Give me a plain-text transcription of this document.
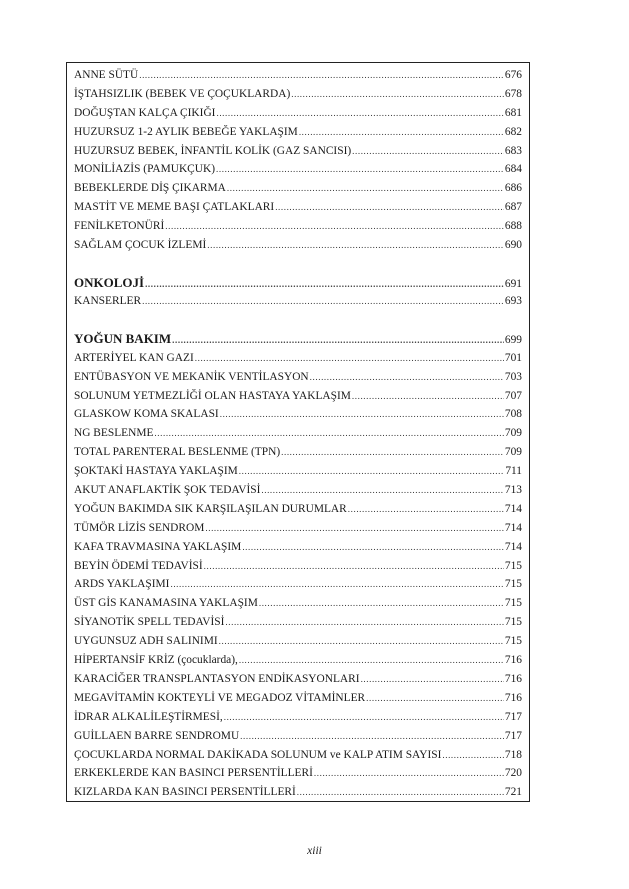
ANNE SÜTÜ .....	676
İŞTAHSIZLIK (BEBEK VE ÇOÇUKLARDA) .....	678
DOĞUŞTAN KALÇA ÇIKIĞI .....	681
HUZURSUZ 1-2 AYLIK BEBEĞE YAKLAŞIM .....	682
HUZURSUZ BEBEK, İNFANTİL KOLİK (GAZ SANCISI) .....	683
MONİLİAZİS (PAMUKÇUK) .....	684
BEBEKLERDE DİŞ ÇIKARMA .....	686
MASTİT VE MEME BAŞI ÇATLAKLARI .....	687
FENİLKETONÜRİ .....	688
SAĞLAM ÇOCUK İZLEMİ .....	690
ONKOLOJİ .....	691
KANSERLER .....	693
YOĞUN BAKIM .....	699
ARTERİYEL KAN GAZI .....	701
ENTÜBASYON VE MEKANİK VENTİLASYON .....	703
SOLUNUM YETMEZLİĞİ OLAN HASTAYA YAKLAŞIM .....	707
GLASKOW KOMA SKALASI .....	708
NG BESLENME .....	709
TOTAL PARENTERAL BESLENME (TPN) .....	709
ŞOKTAKİ HASTAYA YAKLAŞIM .....	711
AKUT ANAFLAKTİK ŞOK TEDAVİSİ .....	713
YOĞUN BAKIMDA SIK KARŞILAŞILAN DURUMLAR .....	714
TÜMÖR LİZİS SENDROM .....	714
KAFA TRAVMASINA YAKLAŞIM .....	714
BEYİN ÖDEMİ TEDAVİSİ .....	715
ARDS YAKLAŞIMI .....	715
ÜST GİS KANAMASINA YAKLAŞIM .....	715
SİYANOTİK SPELL TEDAVİSİ .....	715
UYGUNSUZ ADH SALINIMI .....	715
HİPERTANSİF KRİZ (çocuklarda), .....	716
KARACİĞER TRANSPLANTASYON ENDİKASYONLARI .....	716
MEGAVİTAMİN KOKTEYLİ VE MEGADOZ VİTAMİNLER .....	716
İDRAR ALKALİLEŞTİRMESİ, .....	717
GUİLLAEN BARRE SENDROMU .....	717
ÇOCUKLARDA NORMAL DAKİKADA SOLUNUM ve KALP ATIM SAYISI .....	718
ERKEKLERDE KAN BASINCI PERSENTİLLERİ .....	720
KIZLARDA KAN BASINCI PERSENTİLLERİ .....	721
xiii
